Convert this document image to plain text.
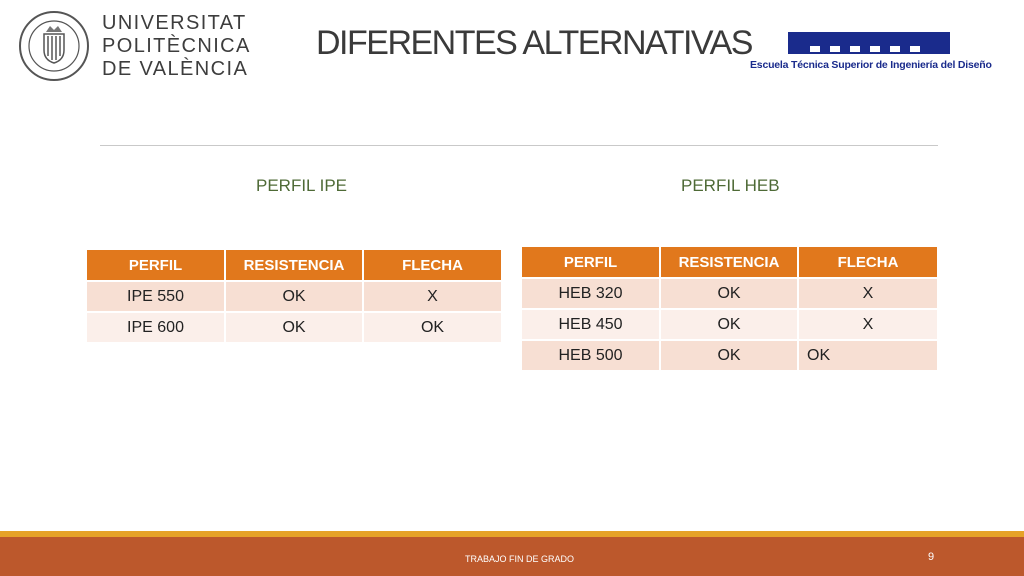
UNIVERSITAT
POLITÈCNICA
DE VALÈNCIA
DIFERENTES ALTERNATIVAS
Escuela Técnica Superior de Ingeniería del Diseño
PERFIL IPE	PERFIL HEB
PERFIL	RESISTENCIA	FLECHA
IPE 550	OK	X
IPE 600	OK	OK
PERFIL	RESISTENCIA	FLECHA
HEB 320	OK	X
HEB 450	OK	X
HEB 500	OK	OK
TRABAJO FIN DE GRADO	9
